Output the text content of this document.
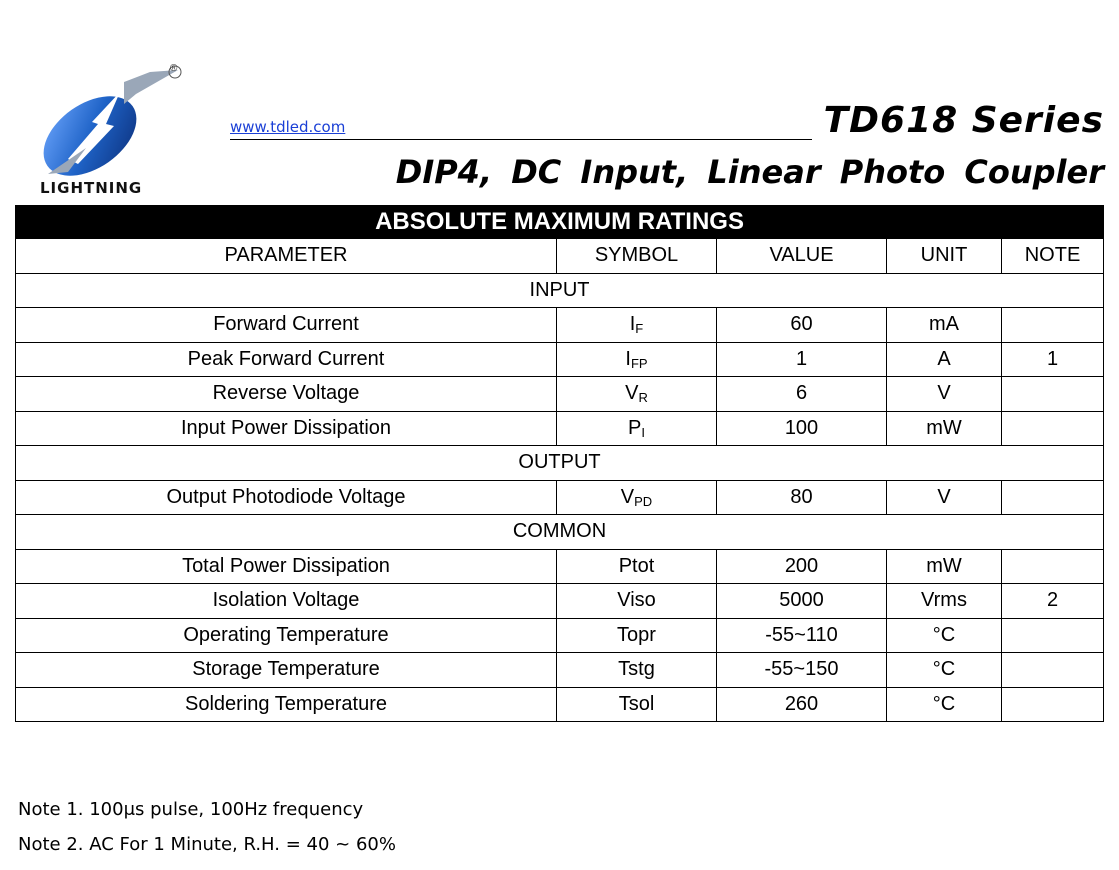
®
LIGHTNING
www.tdled.com	TD618 Series
DIP4, DC Input, Linear Photo Coupler
ABSOLUTE MAXIMUM RATINGS				
PARAMETER	SYMBOL	VALUE	UNIT	NOTE
INPUT				
Forward Current	$I_F$	60	mA	
Peak Forward Current	$I_{FP}$	1	A	1
Reverse Voltage	$V_R$	6	V	
Input Power Dissipation	$P_I$	100	mW	
OUTPUT				
Output Photodiode Voltage	$V_{PD}$	80	V	
COMMON				
Total Power Dissipation	Ptot	200	mW	
Isolation Voltage	Viso	5000	Vrms	2
Operating Temperature	Topr	-55~110	°C	
Storage Temperature	Tstg	-55~150	°C	
Soldering Temperature	Tsol	260	°C	
Note 1. 100μs pulse, 100Hz frequency
Note 2. AC For 1 Minute, R.H. = 40 ~ 60%
